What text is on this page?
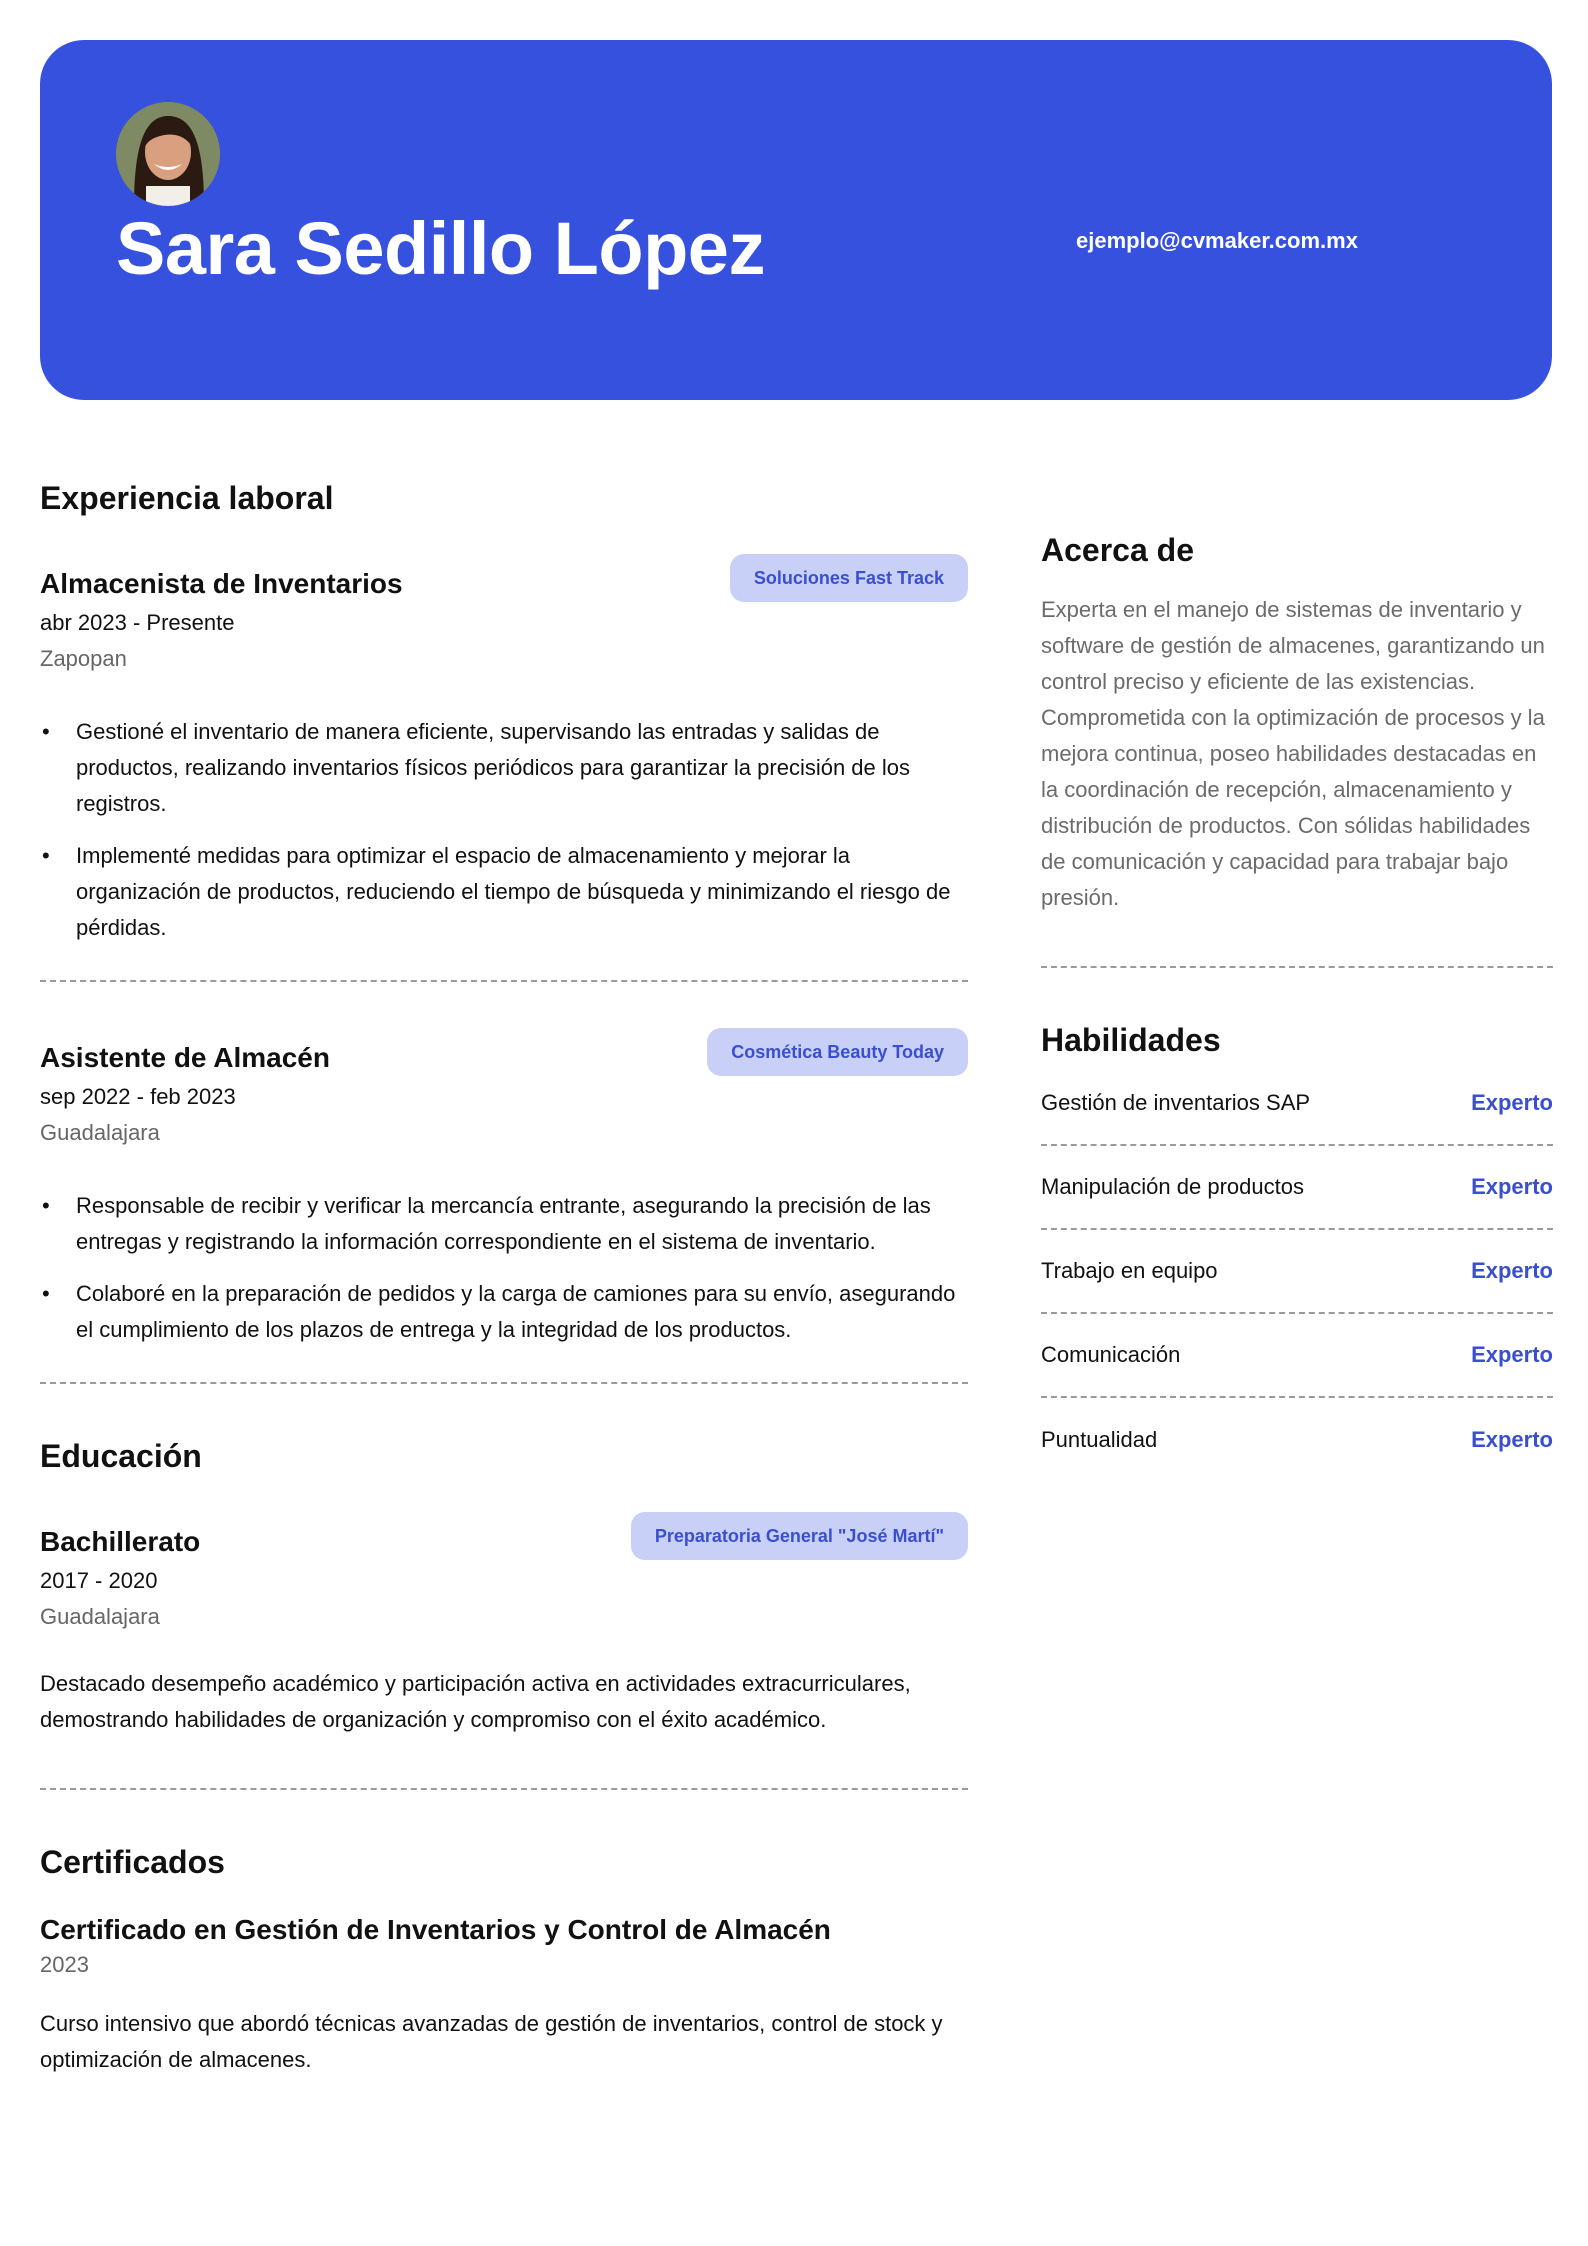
Sara Sedillo López	ejemplo@cvmaker.com.mx
Experiencia laboral
Almacenista de Inventarios	Soluciones Fast Track
abr 2023 - Presente
Zapopan
• Gestioné el inventario de manera eficiente, supervisando las entradas y salidas de productos, realizando inventarios físicos periódicos para garantizar la precisión de los registros.
• Implementé medidas para optimizar el espacio de almacenamiento y mejorar la organización de productos, reduciendo el tiempo de búsqueda y minimizando el riesgo de pérdidas.
Asistente de Almacén	Cosmética Beauty Today
sep 2022 - feb 2023
Guadalajara
• Responsable de recibir y verificar la mercancía entrante, asegurando la precisión de las entregas y registrando la información correspondiente en el sistema de inventario.
• Colaboré en la preparación de pedidos y la carga de camiones para su envío, asegurando el cumplimiento de los plazos de entrega y la integridad de los productos.
Educación
Bachillerato	Preparatoria General "José Martí"
2017 - 2020
Guadalajara
Destacado desempeño académico y participación activa en actividades extracurriculares, demostrando habilidades de organización y compromiso con el éxito académico.
Certificados
Certificado en Gestión de Inventarios y Control de Almacén
2023
Curso intensivo que abordó técnicas avanzadas de gestión de inventarios, control de stock y optimización de almacenes.
Acerca de
Experta en el manejo de sistemas de inventario y software de gestión de almacenes, garantizando un control preciso y eficiente de las existencias. Comprometida con la optimización de procesos y la mejora continua, poseo habilidades destacadas en la coordinación de recepción, almacenamiento y distribución de productos. Con sólidas habilidades de comunicación y capacidad para trabajar bajo presión.
Habilidades
Gestión de inventarios SAP	Experto
Manipulación de productos	Experto
Trabajo en equipo	Experto
Comunicación	Experto
Puntualidad	Experto
